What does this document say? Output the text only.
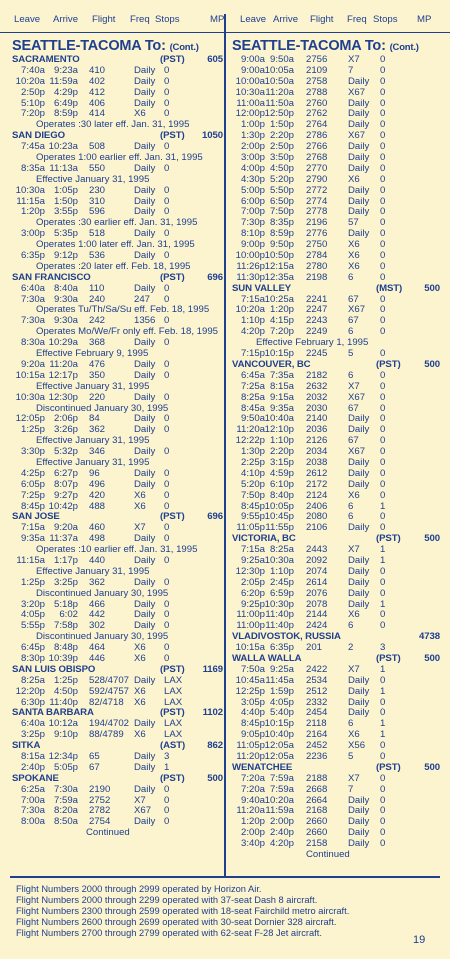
Leave Arrive Flight Freq Stops	MP Leave Arrive Flight Freq Stops MP
SEATTLE-TACOMA To: (Cont.)
SACRAMENTO	(PST)	605
7:40a 9:23a 410	Daily 0
10:20a 11:59a 402	Daily 0
2:50p 4:29p 412	Daily 0
5:10p 6:49p 406	Daily 0
7:20p 8:59p 414	X6 0
Operates :30 later eff. Jan. 31, 1995
SAN DIEGO	(PST)	1050
7:45a 10:23a 508	Daily 0
Operates 1:00 earlier eff. Jan. 31, 1995
8:35a 11:13a 550	Daily 0
Effective January 31, 1995
10:30a 1:05p 230	Daily 0
11:15a 1:50p 310	Daily 0
1:20p 3:55p 596	Daily 0
Operates :30 earlier eff. Jan. 31, 1995
3:00p 5:35p 518	Daily 0
Operates 1:00 later eff. Jan. 31, 1995
6:35p 9:12p 536	Daily 0
Operates :20 later eff. Feb. 18, 1995
SAN FRANCISCO	(PST)	696
6:40a 8:40a 110	Daily 0
7:30a 9:30a 240	247 0
Operates Tu/Th/Sa/Su eff. Feb. 18, 1995
7:30a 9:30a 242	1356 0
Operates Mo/We/Fr only eff. Feb. 18, 1995
8:30a 10:29a 368	Daily 0
Effective February 9, 1995
9:20a 11:20a 476	Daily 0
10:15a 12:17p 350	Daily 0
Effective January 31, 1995
10:30a 12:30p 220	Daily 0
Discontinued January 30, 1995
12:05p 2:06p 84	Daily 0
1:25p 3:26p 362	Daily 0
Effective January 31, 1995
3:30p 5:32p 346	Daily 0
Effective January 31, 1995
4:25p 6:27p 96	Daily 0
6:05p 8:07p 496	Daily 0
7:25p 9:27p 420	X6 0
8:45p 10:42p 488	X6 0
SAN JOSE	(PST)	696
7:15a 9:20a 460	X7 0
9:35a 11:37a 498	Daily 0
Operates :10 earlier eff. Jan. 31, 1995
11:15a 1:17p 440	Daily 0
Effective January 31, 1995
1:25p 3:25p 362	Daily 0
Discontinued January 30, 1995
3:20p 5:18p 466	Daily 0
4:05p	6:02 442	Daily 0
5:55p 7:58p 302	Daily 0
Discontinued January 30, 1995
6:45p 8:48p 464	X6 0
8:30p 10:39p 446	X6 0
SAN LUIS OBISPO	(PST)	1169
8:25a 1:25p 528/4707 Daily LAX
12:20p 4:50p 592/4757 X6 LAX
6:30p 11:40p 82/4718 X6 LAX
SANTA BARBARA	(PST)	1102
6:40a 10:12a 194/4702 Daily LAX
3:25p 9:10p 88/4789 X6 LAX
SITKA	(AST)	862
8:15a 12:34p 65	Daily 3
2:40p 5:05p 67	Daily 1
SPOKANE	(PST)	500
6:25a 7:30a 2190 Daily 0
7:00a 7:59a 2752 X7 0
7:30a 8:20a 2782 X67 0
8:00a 8:50a 2754 Daily 0
Continued
SEATTLE-TACOMA To: (Cont.)
9:00a 9:50a 2756 X7 0
9:00a 10:05a 2109 7	0
10:00a 10:50a 2758 Daily 0
10:30a 11:20a 2788 X67 0
11:00a 11:50a 2760 Daily 0
12:00p 12:50p 2762 Daily 0
1:00p 1:50p 2764 Daily 0
1:30p 2:20p 2786 X67 0
2:00p 2:50p 2766 Daily 0
3:00p 3:50p 2768 Daily 0
4:00p 4:50p 2770 Daily 0
4:30p 5:20p 2790 X6 0
5:00p 5:50p 2772 Daily 0
6:00p 6:50p 2774 Daily 0
7:00p 7:50p 2778 Daily 0
7:30p 8:35p 2196 57 0
8:10p 8:59p 2776 Daily 0
9:00p 9:50p 2750 X6 0
10:00p 10:50p 2784 X6 0
11:26p 12:15a 2780 X6 0
11:30p 12:35a 2198 6	0
SUN VALLEY	(MST)	500
7:15a 10:25a 2241 67 0
10:20a 1:20p 2247 X67 0
1:10p 4:15p 2243 67 0
4:20p 7:20p 2249 6	0
Effective February 1, 1995
7:15p 10:15p 2245 5	0
VANCOUVER, BC	(PST)	500
6:45a 7:35a 2182 6	0
7:25a 8:15a 2632 X7 0
8:25a 9:15a 2032 X67 0
8:45a 9:35a 2030 67 0
9:50a 10:40a 2140 Daily 0
11:20a 12:10p 2036 Daily 0
12:22p 1:10p 2126 67 0
1:30p 2:20p 2034 X67 0
2:25p 3:15p 2038 Daily 0
4:10p 4:59p 2612 Daily 0
5:20p 6:10p 2172 Daily 0
7:50p 8:40p 2124 X6 0
8:45p 10:05p 2406 6	1
9:55p 10:45p 2080 6	0
11:05p 11:55p 2106 Daily 0
VICTORIA, BC	(PST)	500
7:15a 8:25a 2443 X7 1
9:25a 10:30a 2092 Daily 1
12:30p 1:10p 2074 Daily 0
2:05p 2:45p 2614 Daily 0
6:20p 6:59p 2076 Daily 0
9:25p 10:30p 2078 Daily 1
11:00p 11:40p 2144 X6 0
11:00p 11:40p 2424 6	0
VLADIVOSTOK, RUSSIA	4738
10:15a 6:35p 201	2	3
WALLA WALLA	(PST)	500
7:50a 9:25a 2422 X7 1
10:45a 11:45a 2534 Daily 0
12:25p 1:59p 2512 Daily 1
3:05p 4:05p 2332 Daily 0
4:40p 5:40p 2454 Daily 0
8:45p 10:15p 2118 6	1
9:05p 10:40p 2164 X6 1
11:05p 12:05a 2452 X56 0
11:20p 12:05a 2236 5	0
WENATCHEE	(PST)	500
7:20a 7:59a 2188 X7 0
7:20a 7:59a 2668 7	0
9:40a 10:20a 2664 Daily 0
11:20a 11:59a 2168 Daily 0
1:20p 2:00p 2660 Daily 0
2:00p 2:40p 2660 Daily 0
3:40p 4:20p 2158 Daily 0
Continued
Flight Numbers 2000 through 2999 operated by Horizon Air.
Flight Numbers 2000 through 2299 operated with 37-seat Dash 8 aircraft.
Flight Numbers 2300 through 2599 operated with 18-seat Fairchild metro aircraft.
Flight Numbers 2600 through 2699 operated with 30-seat Dornier 328 aircraft.
Flight Numbers 2700 through 2799 operated with 62-seat F-28 Jet aircraft.
19
